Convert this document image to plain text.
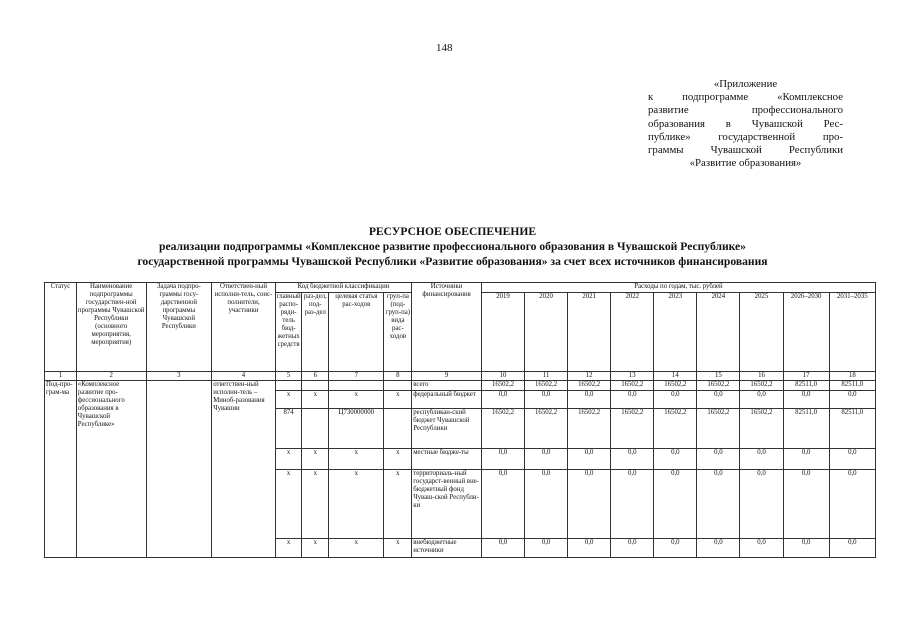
148
«Приложение
к подпрограмме «Комплексное
развитие профессионального
образования в Чувашской Рес-
публике» государственной про-
граммы Чувашской Республики
«Развитие образования»
РЕСУРСНОЕ ОБЕСПЕЧЕНИЕ
реализации подпрограммы «Комплексное развитие профессионального образования в Чувашской Республике»
государственной программы Чувашской Республики «Развитие образования» за счет всех источников финансирования
Статус	Наименование подпрограммы государствен-ной программы Чувашской Республики (основного мероприятия, мероприятия)	Задача подпро-граммы госу-дарственной программы Чувашской Республики	Ответствен-ный исполни-тель, соис-полнители, участники	Код бюджетной классификации				Источники финансирования	Расходы по годам, тыс. рублей								
				главный распо-ряди-тель бюд-жетных средств	раз-дел, под-раз-дел	целевая статья рас-ходов	груп-па (под-груп-па) вида рас-ходов		2019	2020	2021	2022	2023	2024	2025	2026–2030	2031–2035
1	2	3	4	5	6	7	8	9	10	11	12	13	14	15	16	17	18
Под-про-грам-ма	«Комплексное развитие про-фессионального образования в Чувашской Республике»		ответствен-ный исполни-тель – Миноб-разования Чувашии					всего	16502,2	16502,2	16502,2	16502,2	16502,2	16502,2	16502,2	82511,0	82511,0
				x	x	x	x	федеральный бюджет	0,0	0,0	0,0	0,0	0,0	0,0	0,0	0,0	0,0
				874		Ц730000000		республикан-ский бюджет Чувашской Республики	16502,2	16502,2	16502,2	16502,2	16502,2	16502,2	16502,2	82511,0	82511,0
				x	x	x	x	местные бюдже-ты	0,0	0,0	0,0	0,0	0,0	0,0	0,0	0,0	0,0
				x	x	x	x	территориаль-ный государст-венный вне-бюджетный фонд Чуваш-ской Республи-ки	0,0	0,0	0,0	0,0	0,0	0,0	0,0	0,0	0,0
				x	x	x	x	внебюджетные источники	0,0	0,0	0,0	0,0	0,0	0,0	0,0	0,0	0,0
